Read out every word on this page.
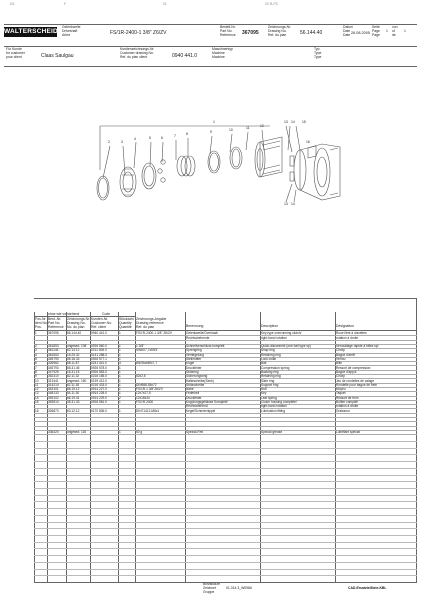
5/1	F	01	2V B-FS
WALTERSCHEID
Gelenkwelle
Driveshaft
Arbre	FS/1R-2400-1 3/8" Z6/ZV
Bestell-Nr.
Part No.
Reference 367095
Zeichnungs-Nr.
Drawing No.
Ref. du plan	56.144.40
Datum
Date
Date 26.08.2005
Seite
Page
Page
1
von
of
de
1
Für Kunde
for customer
pour client	Claas Saulgau
Kundenzeichnungs-Nr.
Customer drawing No.
Ref. du plan client	0940 441.0
Maschinentyp
Machine
Machine
Typ
Type
Type
1
2	3
4	5	6	7	8	9	10	11	12
13 14 15
16
13 14
ohne wie vorstehend	Code
Pos-Nr.
Item No.
Pos.
Best.-Nr.
Part No.
Reference
Zeichnungs-Nr.
Drawing No.
No. du plan
Kunden-Nr.
Customer No.
Ref. client
Stückzahl
Quantity
Quantité
Zeichnungs-Angabe
Drawing reference
Ref. du plan	Benennung	Description	Désignation
1	367095	56.144.40	0940 441.0	1	FS/1R-2400-1 3/8" Z6/ZV	Gelenkwelle/Overload/	Key-type overrunning clutch/	Roue libre à clavettes
Rechtsdrehende	right-hand rotation	rotation à droite
2	361853	ungesed. 108 0926 560.0	1	1 3/8"	Schnellverschluss komplett	Quick-disconnect (one ball type sp)	Verrouillage rapide à billes spl
3	361145	62.14.12	0211 408.0	1	SW8X7,7x59/3	Sprengring	Snap ring	Circlip
4	361653	16.25.32	0141 288.0	1	Verriegelung	Retaining ring	Bague d'arrêt
5	345790	55.18.33	0926 577.1	1	Stellmutter	Lock collar	Verrou
6	326982	58.11.87	0241 441.0	3	Ø4/Stahl/6x7,7	Kugel	Ball	Bille
7	345793	55.31.45	0926 578.0	1	Druckfeder	Compression spring	Ressort de compression
8	347925	16.31.15	0926 583.0	1	Stützring	Backing ring	Bague d'appui
9	352310	62.11.32	0216 185.0	1	52x2,5	Sicherungsring	Retaining ring	Circlip
10	313441	ungesed. 150 0139 412.0	1	Haltescheibe(Senk)	Slide ring	Jeu de rondelles de calage
11	314214	62.11.35	0216 433.0	1	DIN988-55x72	Stützscheibe	Support ring	Rondelle pour bague de frein
12	343101	66.19.12	0914 227.0	1	FS/1R-1 3/8"Z6/ZV	Nabe	Hub	Moyeu
13	348133	54.11.30	0914 228.0	1	12x7x27,5	Federkeil	Key	Taquet
14	349102	66.19.41	0914 229.0	2	12x16x34	Druckfeder	Leaf spring	Ressort de frein
15	353914	35.31.33	0926 581.0	1	FS/1R-2400	Kupplungsgehäuse Komplett/	Clutch housing complete/	Boîtier complet/
Rechtsdrehend	right-hand rotation	rotation à droite
16	326873	63.12.12	0170 836.0	1	DIN71412-M8x1	Kegel/Schmiernippel	Lubrication fitting	Graisseur
336420	ungesed. 116 -	1	50 g	Spezial-Fett	Special grease	Lubrifiant spécial
Blindskizze
Zeichnet
Gruppe
01.014.3_W0986	CAD-Ersatzteilliste-KBL
